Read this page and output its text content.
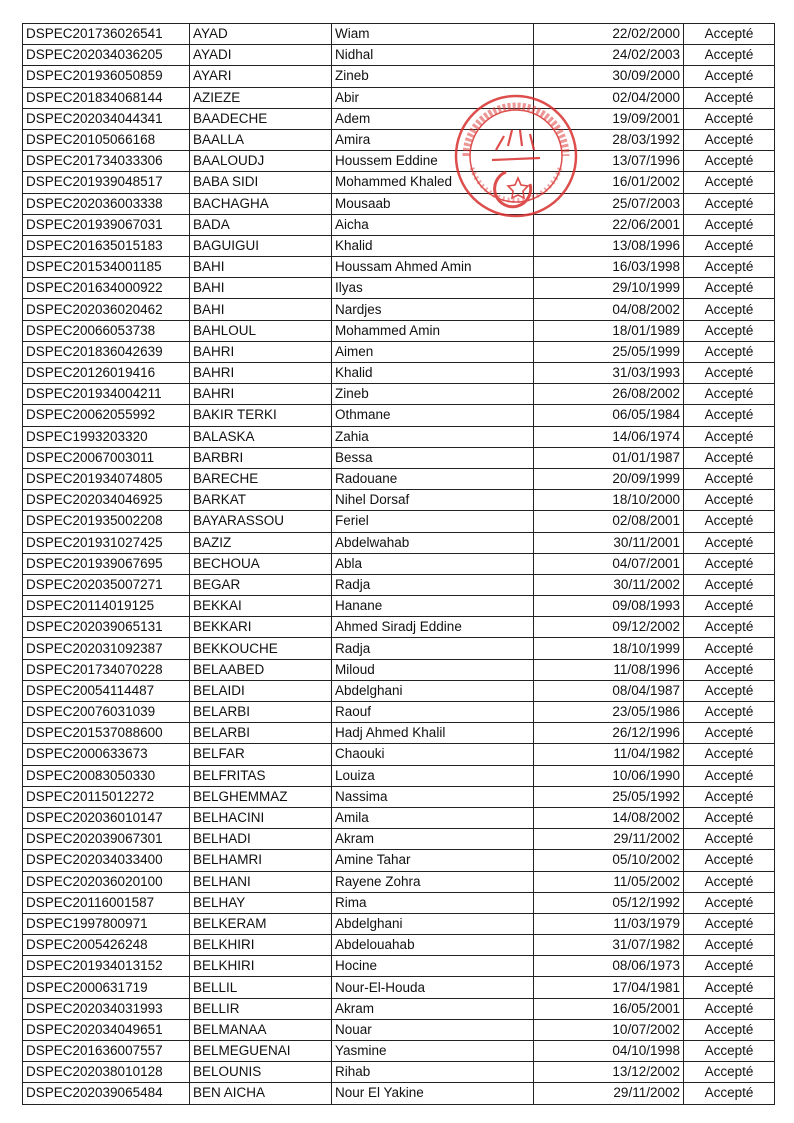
DSPEC201736026541	AYAD	Wiam	22/02/2000	Accepté
DSPEC202034036205	AYADI	Nidhal	24/02/2003	Accepté
DSPEC201936050859	AYARI	Zineb	30/09/2000	Accepté
DSPEC201834068144	AZIEZE	Abir	02/04/2000	Accepté
DSPEC202034044341	BAADECHE	Adem	19/09/2001	Accepté
DSPEC20105066168	BAALLA	Amira	28/03/1992	Accepté
DSPEC201734033306	BAALOUDJ	Houssem Eddine	13/07/1996	Accepté
DSPEC201939048517	BABA SIDI	Mohammed Khaled	16/01/2002	Accepté
DSPEC202036003338	BACHAGHA	Mousaab	25/07/2003	Accepté
DSPEC201939067031	BADA	Aicha	22/06/2001	Accepté
DSPEC201635015183	BAGUIGUI	Khalid	13/08/1996	Accepté
DSPEC201534001185	BAHI	Houssam Ahmed Amin	16/03/1998	Accepté
DSPEC201634000922	BAHI	Ilyas	29/10/1999	Accepté
DSPEC202036020462	BAHI	Nardjes	04/08/2002	Accepté
DSPEC20066053738	BAHLOUL	Mohammed Amin	18/01/1989	Accepté
DSPEC201836042639	BAHRI	Aimen	25/05/1999	Accepté
DSPEC20126019416	BAHRI	Khalid	31/03/1993	Accepté
DSPEC201934004211	BAHRI	Zineb	26/08/2002	Accepté
DSPEC20062055992	BAKIR TERKI	Othmane	06/05/1984	Accepté
DSPEC1993203320	BALASKA	Zahia	14/06/1974	Accepté
DSPEC20067003011	BARBRI	Bessa	01/01/1987	Accepté
DSPEC201934074805	BARECHE	Radouane	20/09/1999	Accepté
DSPEC202034046925	BARKAT	Nihel Dorsaf	18/10/2000	Accepté
DSPEC201935002208	BAYARASSOU	Feriel	02/08/2001	Accepté
DSPEC201931027425	BAZIZ	Abdelwahab	30/11/2001	Accepté
DSPEC201939067695	BECHOUA	Abla	04/07/2001	Accepté
DSPEC202035007271	BEGAR	Radja	30/11/2002	Accepté
DSPEC20114019125	BEKKAI	Hanane	09/08/1993	Accepté
DSPEC202039065131	BEKKARI	Ahmed Siradj Eddine	09/12/2002	Accepté
DSPEC202031092387	BEKKOUCHE	Radja	18/10/1999	Accepté
DSPEC201734070228	BELAABED	Miloud	11/08/1996	Accepté
DSPEC20054114487	BELAIDI	Abdelghani	08/04/1987	Accepté
DSPEC20076031039	BELARBI	Raouf	23/05/1986	Accepté
DSPEC201537088600	BELARBI	Hadj Ahmed Khalil	26/12/1996	Accepté
DSPEC2000633673	BELFAR	Chaouki	11/04/1982	Accepté
DSPEC20083050330	BELFRITAS	Louiza	10/06/1990	Accepté
DSPEC20115012272	BELGHEMMAZ	Nassima	25/05/1992	Accepté
DSPEC202036010147	BELHACINI	Amila	14/08/2002	Accepté
DSPEC202039067301	BELHADI	Akram	29/11/2002	Accepté
DSPEC202034033400	BELHAMRI	Amine Tahar	05/10/2002	Accepté
DSPEC202036020100	BELHANI	Rayene Zohra	11/05/2002	Accepté
DSPEC20116001587	BELHAY	Rima	05/12/1992	Accepté
DSPEC1997800971	BELKERAM	Abdelghani	11/03/1979	Accepté
DSPEC2005426248	BELKHIRI	Abdelouahab	31/07/1982	Accepté
DSPEC201934013152	BELKHIRI	Hocine	08/06/1973	Accepté
DSPEC2000631719	BELLIL	Nour-El-Houda	17/04/1981	Accepté
DSPEC202034031993	BELLIR	Akram	16/05/2001	Accepté
DSPEC202034049651	BELMANAA	Nouar	10/07/2002	Accepté
DSPEC201636007557	BELMEGUENAI	Yasmine	04/10/1998	Accepté
DSPEC202038010128	BELOUNIS	Rihab	13/12/2002	Accepté
DSPEC202039065484	BEN AICHA	Nour El Yakine	29/11/2002	Accepté
